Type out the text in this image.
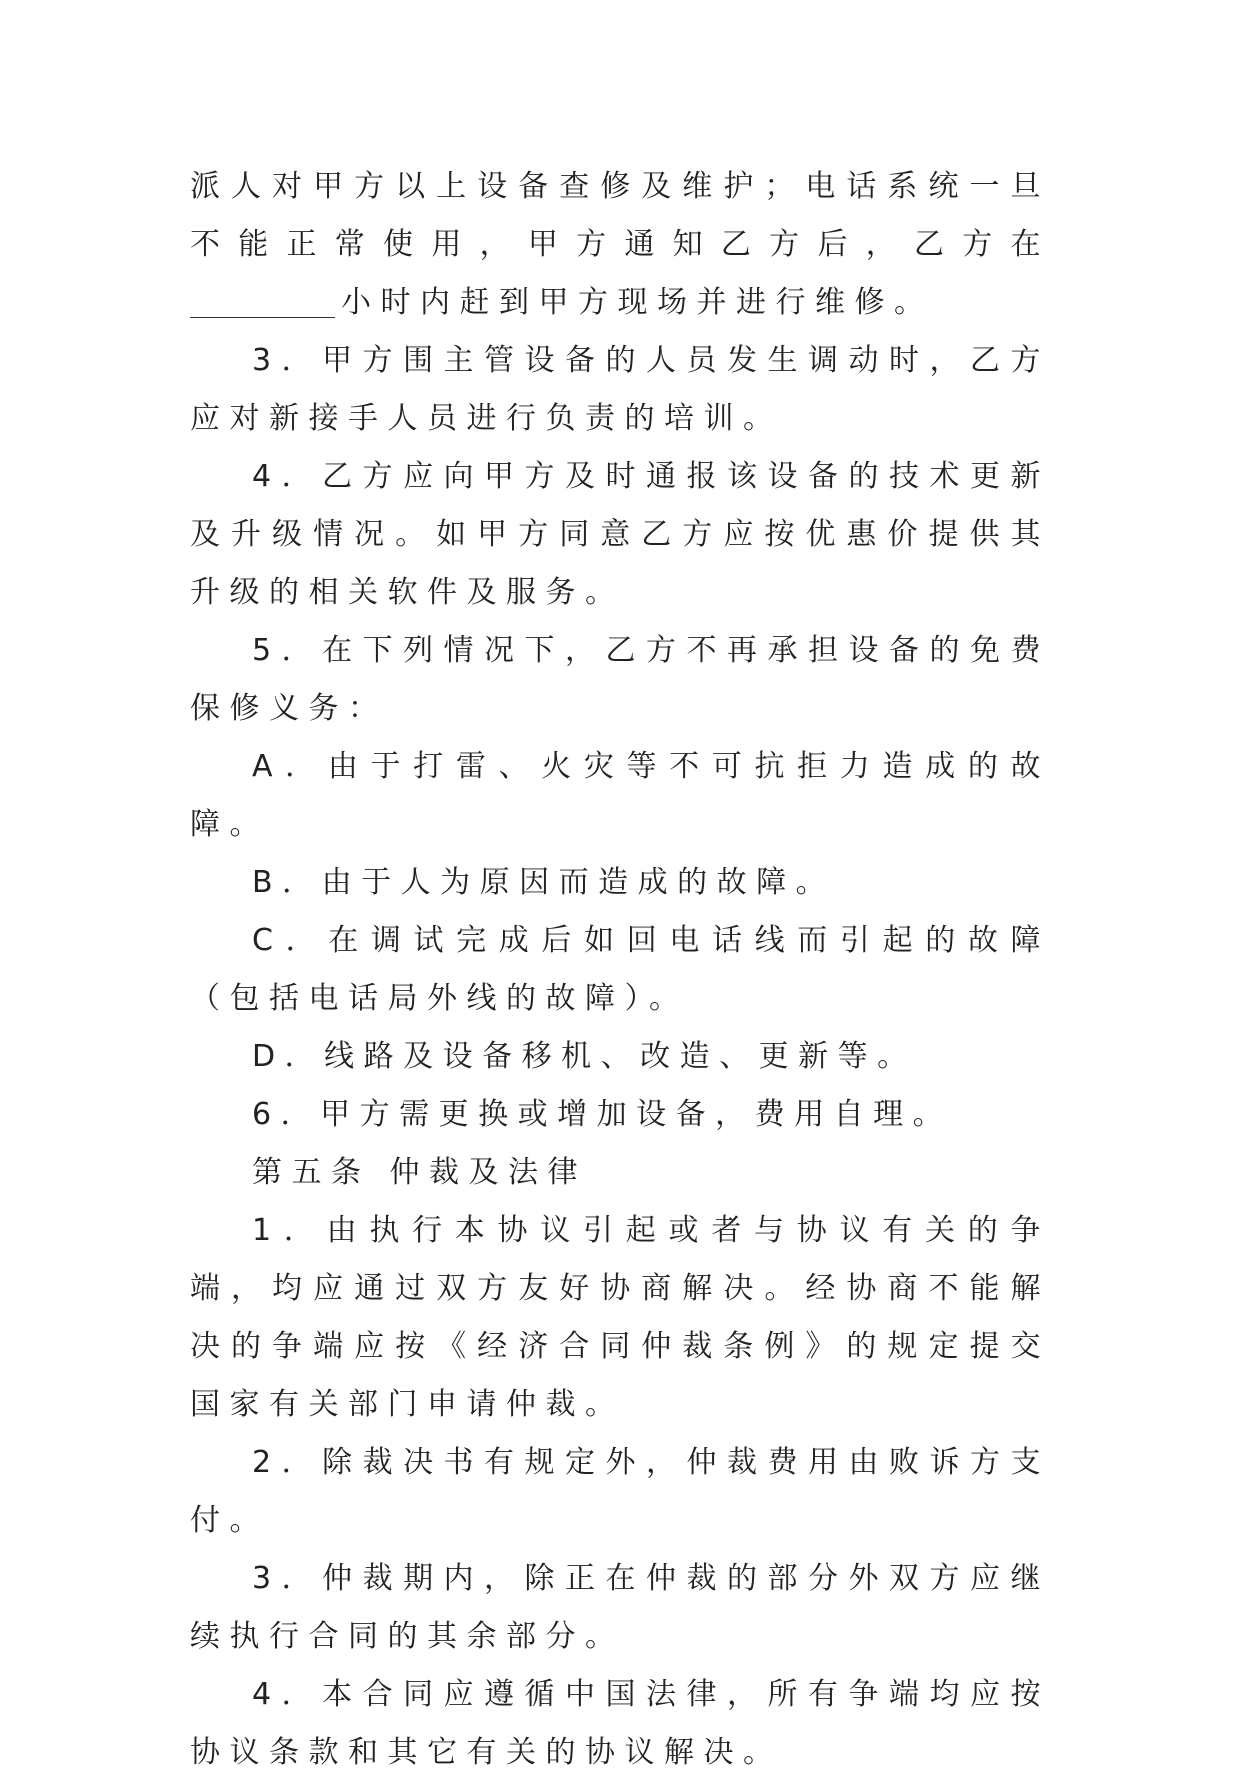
派人对甲方以上设备查修及维护；电话系统一旦不能正常使用，甲方通知乙方后，乙方在小时内赶到甲方现场并进行维修。

3．甲方围主管设备的人员发生调动时，乙方应对新接手人员进行负责的培训。

4．乙方应向甲方及时通报该设备的技术更新及升级情况。如甲方同意乙方应按优惠价提供其升级的相关软件及服务。

5．在下列情况下，乙方不再承担设备的免费保修义务：

A．由于打雷、火灾等不可抗拒力造成的故障。

B．由于人为原因而造成的故障。

C．在调试完成后如回电话线而引起的故障（包括电话局外线的故障）。

D．线路及设备移机、改造、更新等。

6．甲方需更换或增加设备，费用自理。

第五条 仲裁及法律

1．由执行本协议引起或者与协议有关的争端，均应通过双方友好协商解决。经协商不能解决的争端应按《经济合同仲裁条例》的规定提交国家有关部门申请仲裁。

2．除裁决书有规定外，仲裁费用由败诉方支付。

3．仲裁期内，除正在仲裁的部分外双方应继续执行合同的其余部分。

4．本合同应遵循中国法律，所有争端均应按协议条款和其它有关的协议解决。
